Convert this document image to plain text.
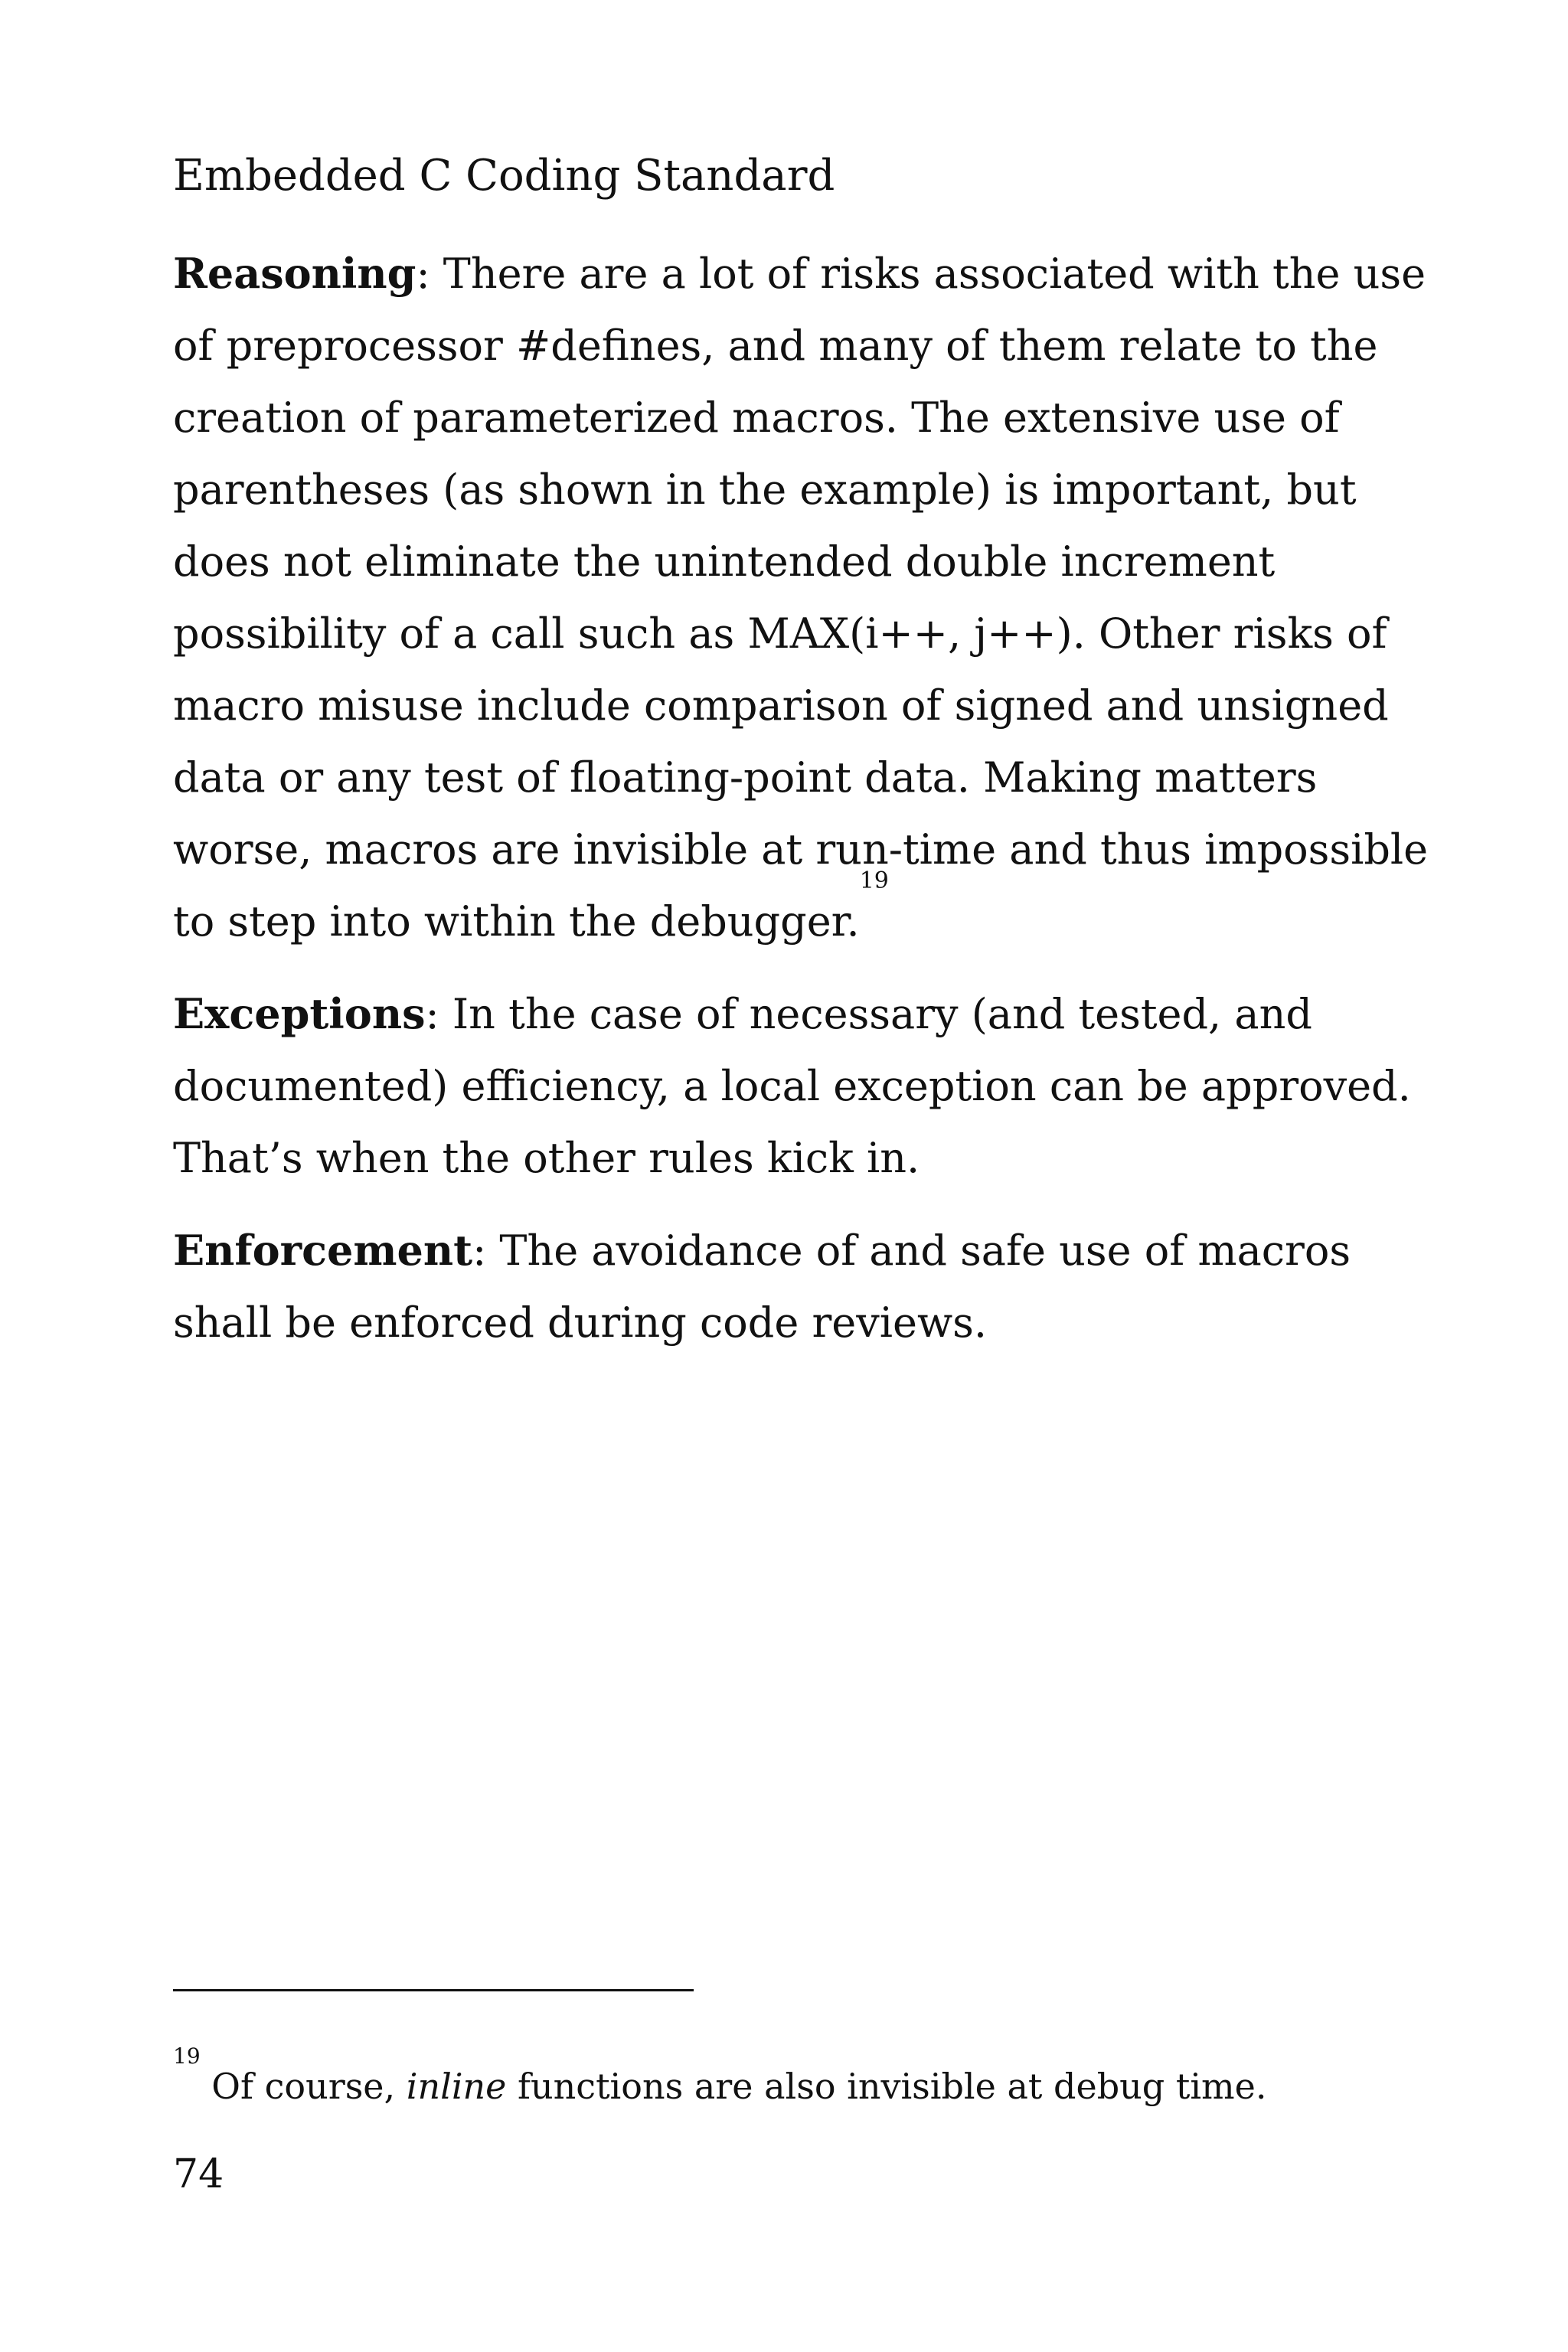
Embedded C Coding Standard

Reasoning: There are a lot of risks associated with the use
of preprocessor #defines, and many of them relate to the
creation of parameterized macros. The extensive use of
parentheses (as shown in the example) is important, but
does not eliminate the unintended double increment
possibility of a call such as MAX(i++, j++). Other risks of
macro misuse include comparison of signed and unsigned
data or any test of floating-point data. Making matters
worse, macros are invisible at run-time and thus impossible
to step into within the debugger.$^{19}$

Exceptions: In the case of necessary (and tested, and
documented) efficiency, a local exception can be approved.
That’s when the other rules kick in.

Enforcement: The avoidance of and safe use of macros
shall be enforced during code reviews.

$^{19}$ Of course, inline functions are also invisible at debug time.
74
